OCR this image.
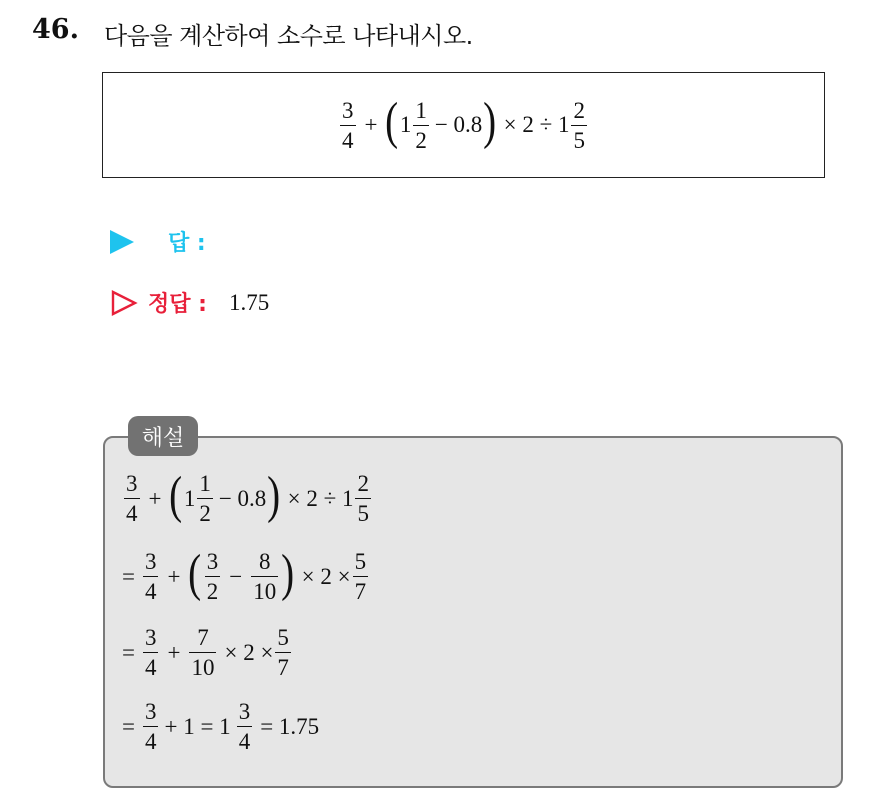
46. 다음을 계산하여 소수로 나타내시오.
$\frac{3}{4}$ + ( $1 \frac{1}{2} - 0.8$ ) × $2 \div 1 \frac{2}{5}$
답 :
정답 : 1.75
해설
$\frac{3}{4}$ + ( $1 \frac{1}{2} - 0.8$ ) × $2 \div 1 \frac{2}{5}$
= $\frac{3}{4}$ + ( $\frac{3}{2} - \frac{8}{10}$ ) × $2 \times \frac{5}{7}$
= $\frac{3}{4} + \frac{7}{10} \times 2 \times \frac{5}{7}$
= $\frac{3}{4} + 1 = 1 \frac{3}{4} = 1.75$
